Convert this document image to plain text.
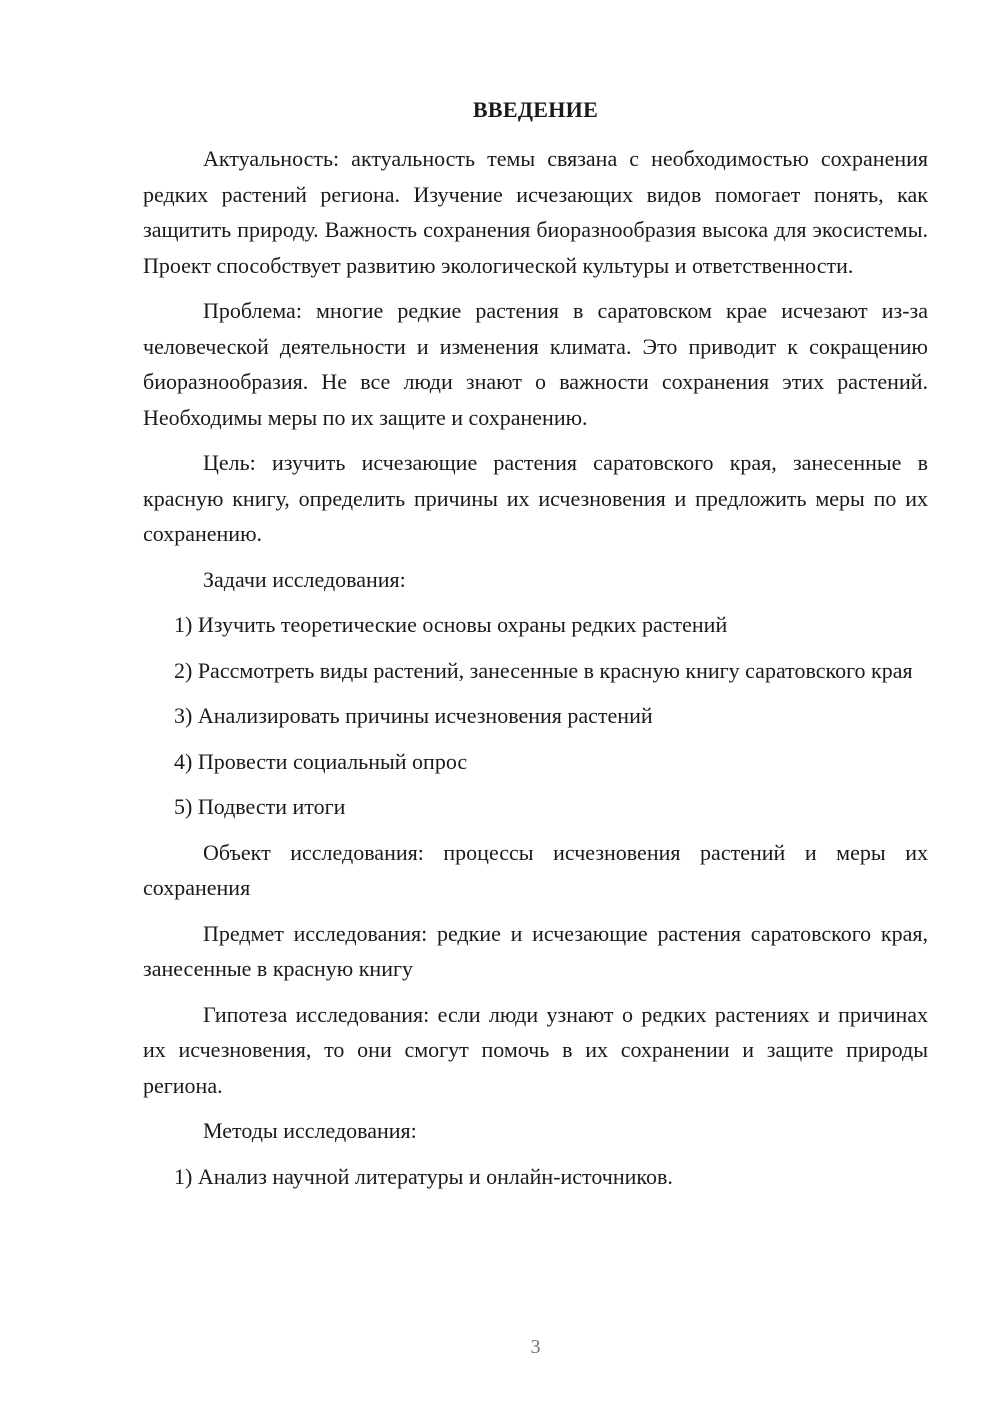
ВВЕДЕНИЕ

Актуальность: актуальность темы связана с необходимостью сохранения редких растений региона. Изучение исчезающих видов помогает понять, как защитить природу. Важность сохранения биоразнообразия высока для экосистемы. Проект способствует развитию экологической культуры и ответственности.

Проблема: многие редкие растения в саратовском крае исчезают из-за человеческой деятельности и изменения климата. Это приводит к сокращению биоразнообразия. Не все люди знают о важности сохранения этих растений. Необходимы меры по их защите и сохранению.

Цель: изучить исчезающие растения саратовского края, занесенные в красную книгу, определить причины их исчезновения и предложить меры по их сохранению.

Задачи исследования:

1) Изучить теоретические основы охраны редких растений

2) Рассмотреть виды растений, занесенные в красную книгу саратовского края

3) Анализировать причины исчезновения растений

4) Провести социальный опрос

5) Подвести итоги

Объект исследования: процессы исчезновения растений и меры их сохранения

Предмет исследования: редкие и исчезающие растения саратовского края, занесенные в красную книгу

Гипотеза исследования: если люди узнают о редких растениях и причинах их исчезновения, то они смогут помочь в их сохранении и защите природы региона.

Методы исследования:

1) Анализ научной литературы и онлайн-источников.

3
